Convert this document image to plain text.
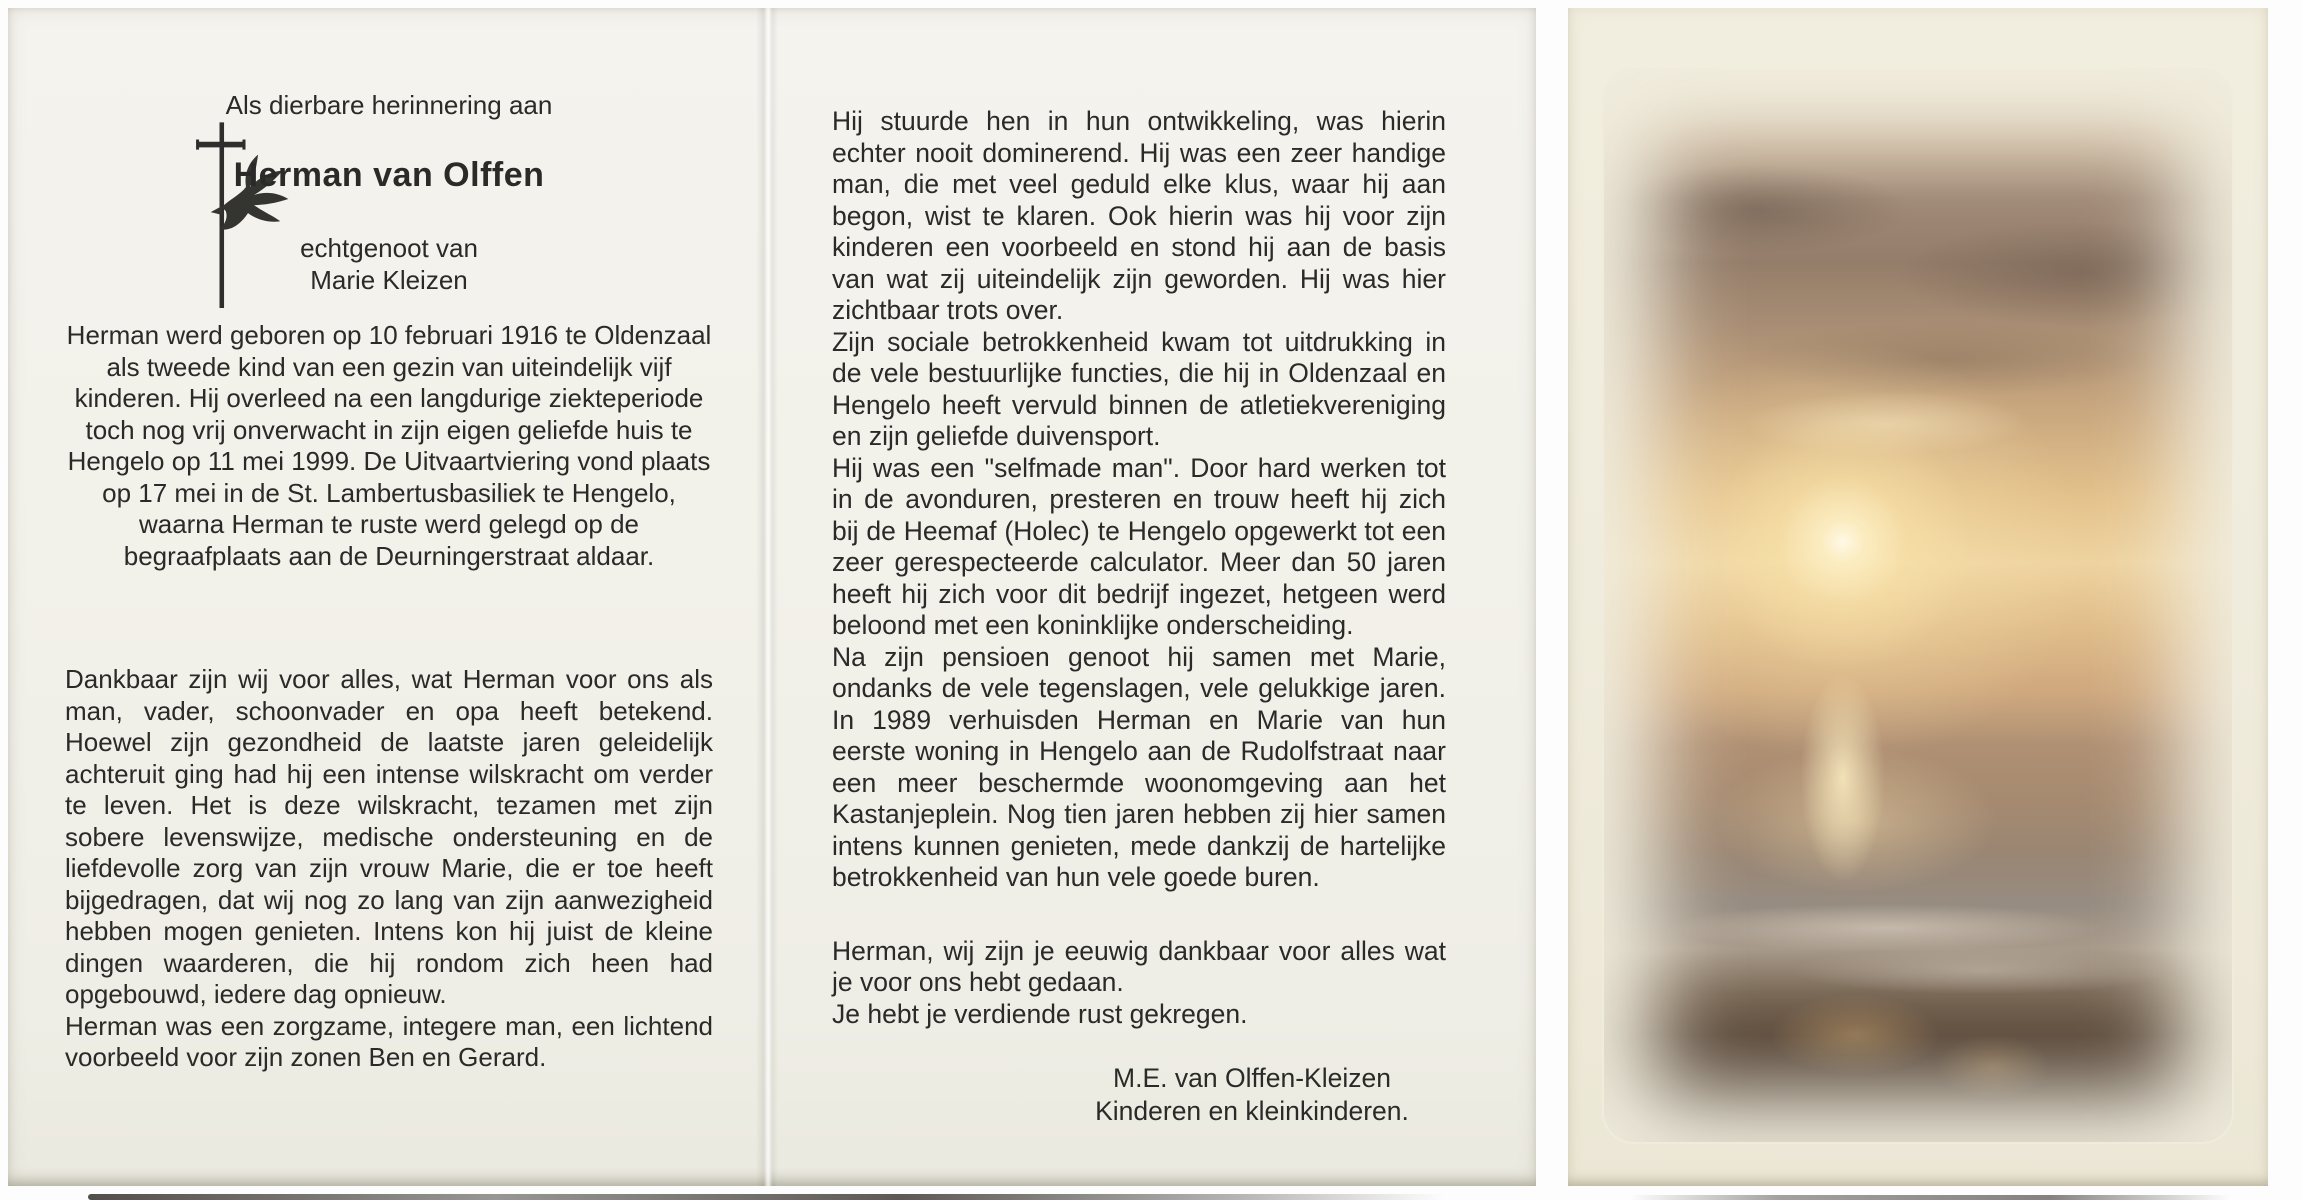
Als dierbare herinnering aan
Herman van Olffen
echtgenoot van
Marie Kleizen
Herman werd geboren op 10 februari 1916 te Oldenzaal als tweede kind van een gezin van uiteindelijk vijf kinderen. Hij overleed na een langdurige ziekteperiode toch nog vrij onverwacht in zijn eigen geliefde huis te Hengelo op 11 mei 1999. De Uitvaartviering vond plaats op 17 mei in de St. Lambertusbasiliek te Hengelo, waarna Herman te ruste werd gelegd op de begraafplaats aan de Deurningerstraat aldaar.

Dankbaar zijn wij voor alles, wat Herman voor ons als man, vader, schoonvader en opa heeft betekend. Hoewel zijn gezondheid de laatste jaren geleidelijk achteruit ging had hij een intense wilskracht om verder te leven. Het is deze wilskracht, tezamen met zijn sobere levenswijze, medische ondersteuning en de liefdevolle zorg van zijn vrouw Marie, die er toe heeft bijgedragen, dat wij nog zo lang van zijn aanwezigheid hebben mogen genieten. Intens kon hij juist de kleine dingen waarderen, die hij rondom zich heen had opgebouwd, iedere dag opnieuw.

Herman was een zorgzame, integere man, een lichtend voorbeeld voor zijn zonen Ben en Gerard.

Hij stuurde hen in hun ontwikkeling, was hierin echter nooit dominerend. Hij was een zeer handige man, die met veel geduld elke klus, waar hij aan begon, wist te klaren. Ook hierin was hij voor zijn kinderen een voorbeeld en stond hij aan de basis van wat zij uiteindelijk zijn geworden. Hij was hier zichtbaar trots over.

Zijn sociale betrokkenheid kwam tot uitdrukking in de vele bestuurlijke functies, die hij in Oldenzaal en Hengelo heeft vervuld binnen de atletiekvereniging en zijn geliefde duivensport.

Hij was een "selfmade man". Door hard werken tot in de avonduren, presteren en trouw heeft hij zich bij de Heemaf (Holec) te Hengelo opgewerkt tot een zeer gerespecteerde calculator. Meer dan 50 jaren heeft hij zich voor dit bedrijf ingezet, hetgeen werd beloond met een koninklijke onderscheiding.

Na zijn pensioen genoot hij samen met Marie, ondanks de vele tegenslagen, vele gelukkige jaren. In 1989 verhuisden Herman en Marie van hun eerste woning in Hengelo aan de Rudolfstraat naar een meer beschermde woonomgeving aan het Kastanjeplein. Nog tien jaren hebben zij hier samen intens kunnen genieten, mede dankzij de hartelijke betrokkenheid van hun vele goede buren.

Herman, wij zijn je eeuwig dankbaar voor alles wat je voor ons hebt gedaan.

Je hebt je verdiende rust gekregen.

M.E. van Olffen-Kleizen
Kinderen en kleinkinderen.
